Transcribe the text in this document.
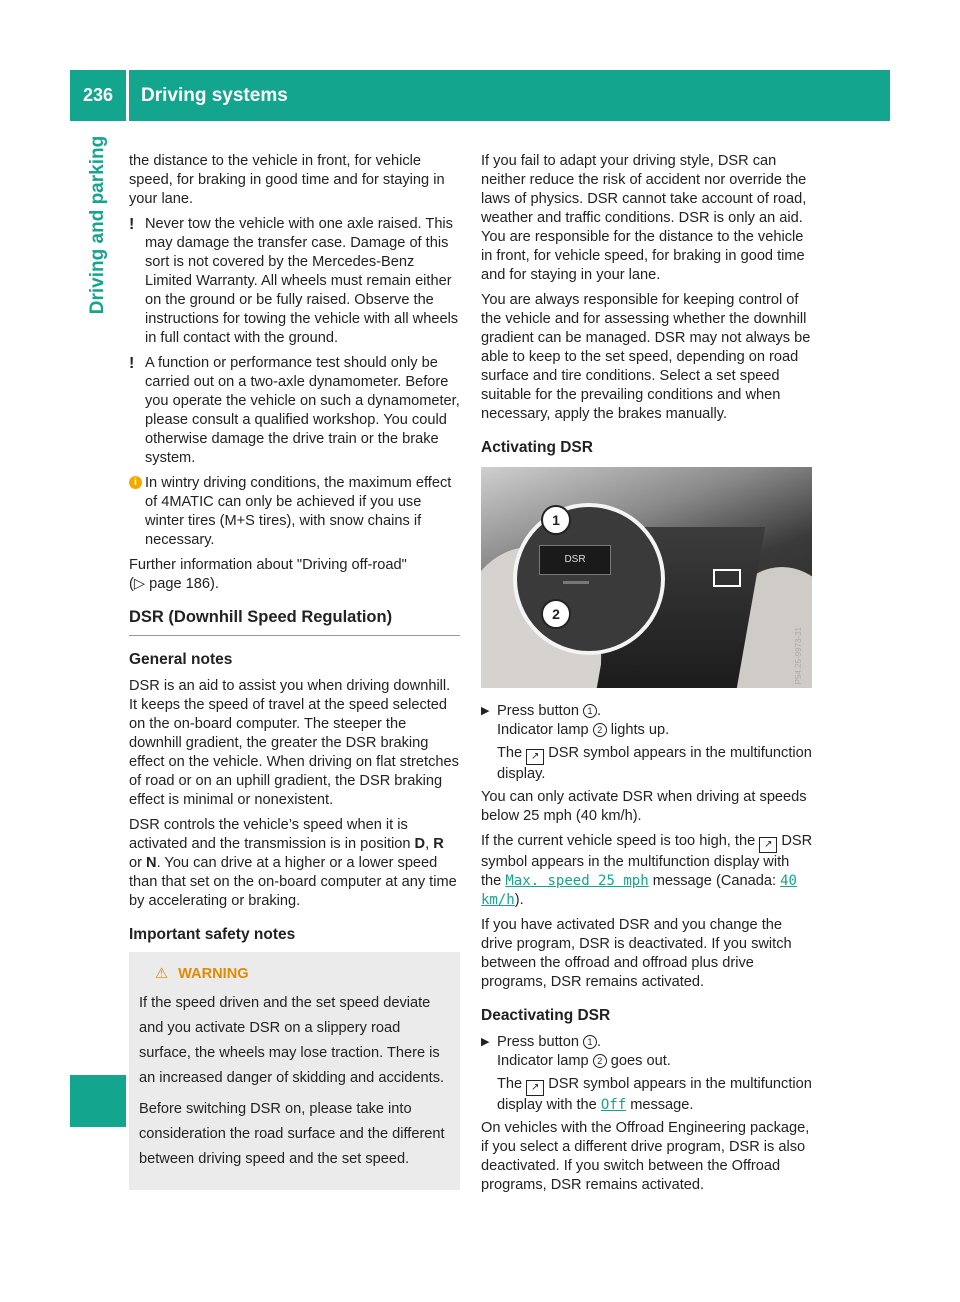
236	Driving systems
Driving and parking the distance to the vehicle in front, for vehicle speed, for braking in good time and for staying in your lane.

! Never tow the vehicle with one axle raised. This may damage the transfer case. Damage of this sort is not covered by the Mercedes-Benz Limited Warranty. All wheels must remain either on the ground or be fully raised. Observe the instructions for towing the vehicle with all wheels in full contact with the ground.
! A function or performance test should only be carried out on a two-axle dynamometer. Before you operate the vehicle on such a dynamometer, please consult a qualified workshop. You could otherwise damage the drive train or the brake system.
i In wintry driving conditions, the maximum effect of 4MATIC can only be achieved if you use winter tires (M+S tires), with snow chains if necessary.

Further information about "Driving off-road"
(▷ page 186).

DSR (Downhill Speed Regulation)
General notes

DSR is an aid to assist you when driving downhill. It keeps the speed of travel at the speed selected on the on-board computer. The steeper the downhill gradient, the greater the DSR braking effect on the vehicle. When driving on flat stretches of road or on an uphill gradient, the DSR braking effect is minimal or nonexistent.

DSR controls the vehicle’s speed when it is activated and the transmission is in position D, R or N. You can drive at a higher or a lower speed than that set on the on-board computer at any time by accelerating or braking.

Important safety notes
⚠ WARNING

If the speed driven and the set speed deviate and you activate DSR on a slippery road surface, the wheels may lose traction. There is an increased danger of skidding and accidents.

Before switching DSR on, please take into consideration the road surface and the different between driving speed and the set speed.

If you fail to adapt your driving style, DSR can neither reduce the risk of accident nor override the laws of physics. DSR cannot take account of road, weather and traffic conditions. DSR is only an aid. You are responsible for the distance to the vehicle in front, for vehicle speed, for braking in good time and for staying in your lane.

You are always responsible for keeping control of the vehicle and for assessing whether the downhill gradient can be managed. DSR may not always be able to keep to the set speed, depending on road surface and tire conditions. Select a set speed suitable for the prevailing conditions and when necessary, apply the brakes manually.

Activating DSR
DSR
1
2
P54.25-9973-31
▶ Press button 1 .
Indicator lamp 2 lights up.
The ↗ DSR symbol appears in the multifunction display.

You can only activate DSR when driving at speeds below 25 mph (40 km/h).

If the current vehicle speed is too high, the ↗ DSR symbol appears in the multifunction display with the Max. speed 25 mph message (Canada: 40 km/h).

If you have activated DSR and you change the drive program, DSR is deactivated. If you switch between the offroad and offroad plus drive programs, DSR remains activated.

Deactivating DSR
▶ Press button 1 .
Indicator lamp 2 goes out.
The ↗ DSR symbol appears in the multifunction display with the Off message.

On vehicles with the Offroad Engineering package, if you select a different drive program, DSR is also deactivated. If you switch between the Offroad programs, DSR remains activated.
